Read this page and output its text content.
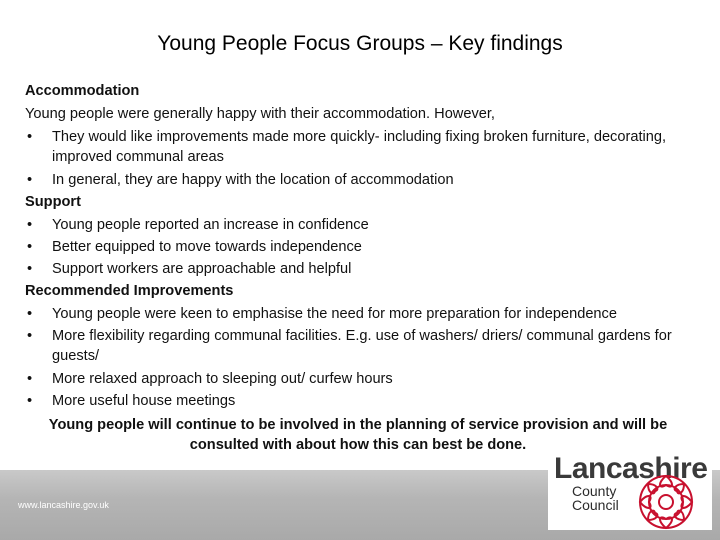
Young People Focus Groups – Key findings
Accommodation
Young people were generally happy with their accommodation. However,
• They would like improvements made more quickly- including fixing broken furniture, decorating, improved communal areas
• In general, they are happy with the location of accommodation
Support
• Young people reported an increase in confidence
• Better equipped to move towards independence
• Support workers are approachable and helpful
Recommended Improvements
• Young people were keen to emphasise the need for more preparation for independence
• More flexibility regarding communal facilities. E.g. use of washers/ driers/ communal gardens for guests/
• More relaxed approach to sleeping out/ curfew hours
• More useful house meetings
Young people will continue to be involved in the planning of service provision and will be consulted with about how this can best be done.
www.lancashire.gov.uk
Lancashire
County
Council
